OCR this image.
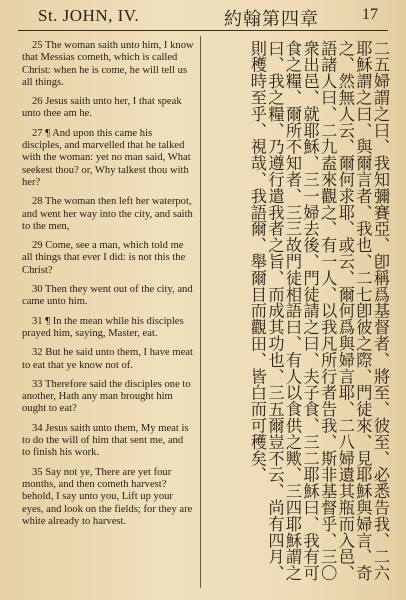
St. JOHN, IV.	約翰第四章	17

25 The woman saith unto him, I know that Messias cometh, which is called Christ: when he is come, he will tell us all things.

26 Jesus saith unto her, I that speak unto thee am he.

27 ¶ And upon this came his disciples, and marvelled that he talked with the woman: yet no man said, What seekest thou? or, Why talkest thou with her?

28 The woman then left her waterpot, and went her way into the city, and saith to the men,

29 Come, see a man, which told me all things that ever I did: is not this the Christ?

30 Then they went out of the city, and came unto him.

31 ¶ In the mean while his disciples prayed him, saying, Master, eat.

32 But he said unto them, I have meat to eat that ye know not of.

33 Therefore said the disciples one to another, Hath any man brought him ought to eat?

34 Jesus saith unto them, My meat is to do the will of him that sent me, and to finish his work.

35 Say not ye, There are yet four months, and then cometh harvest? behold, I say unto you, Lift up your eyes, and look on the fields; for they are white already to harvest.	二五婦謂之曰、我知彌賽亞、卽稱爲基督者、將至、彼至、必悉告我、二六耶穌謂之曰、與爾言者、我也、二七卽彼之際、門徒來、見耶穌與婦言、奇之、然無人云、爾何求耶、或云、爾何爲與婦言耶、二八婦遺其瓶而入邑、語諸人曰、二九盍來觀之、有一人、以我凡所行者告我、斯非基督乎、三〇衆出邑、就耶穌、三一婦去後、門徒請之曰、夫子食、三二耶穌曰、我有可食之糧、爾所不知者、三三故門徒相語曰、有人以食供之歟、三四耶穌謂之曰、我之糧、乃遵行遣我者之旨、而成其功也、三五爾豈不云、尚有四月、則穫時至乎、視哉、我語爾、舉爾目而觀田、皆白而可穫矣、
